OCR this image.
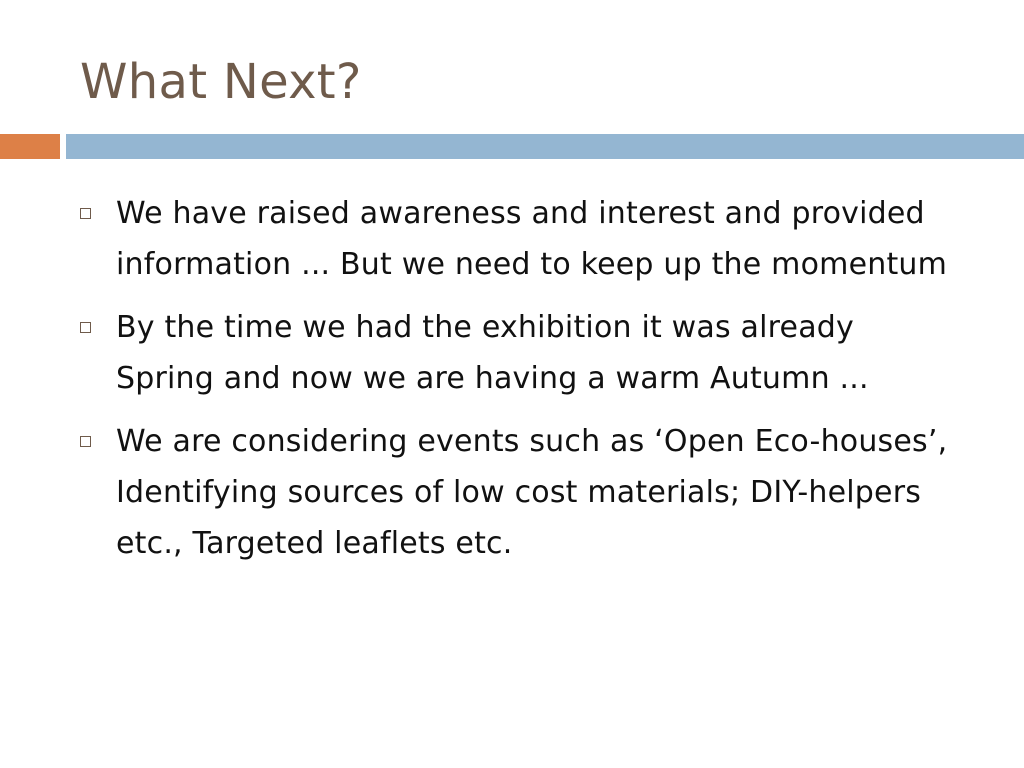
What Next?
We have raised awareness and interest and provided information ... But we need to keep up the momentum
By the time we had the exhibition it was already Spring and now we are having a warm Autumn ...
We are considering events such as ‘Open Eco-houses’, Identifying sources of low cost materials; DIY-helpers etc., Targeted leaflets etc.
